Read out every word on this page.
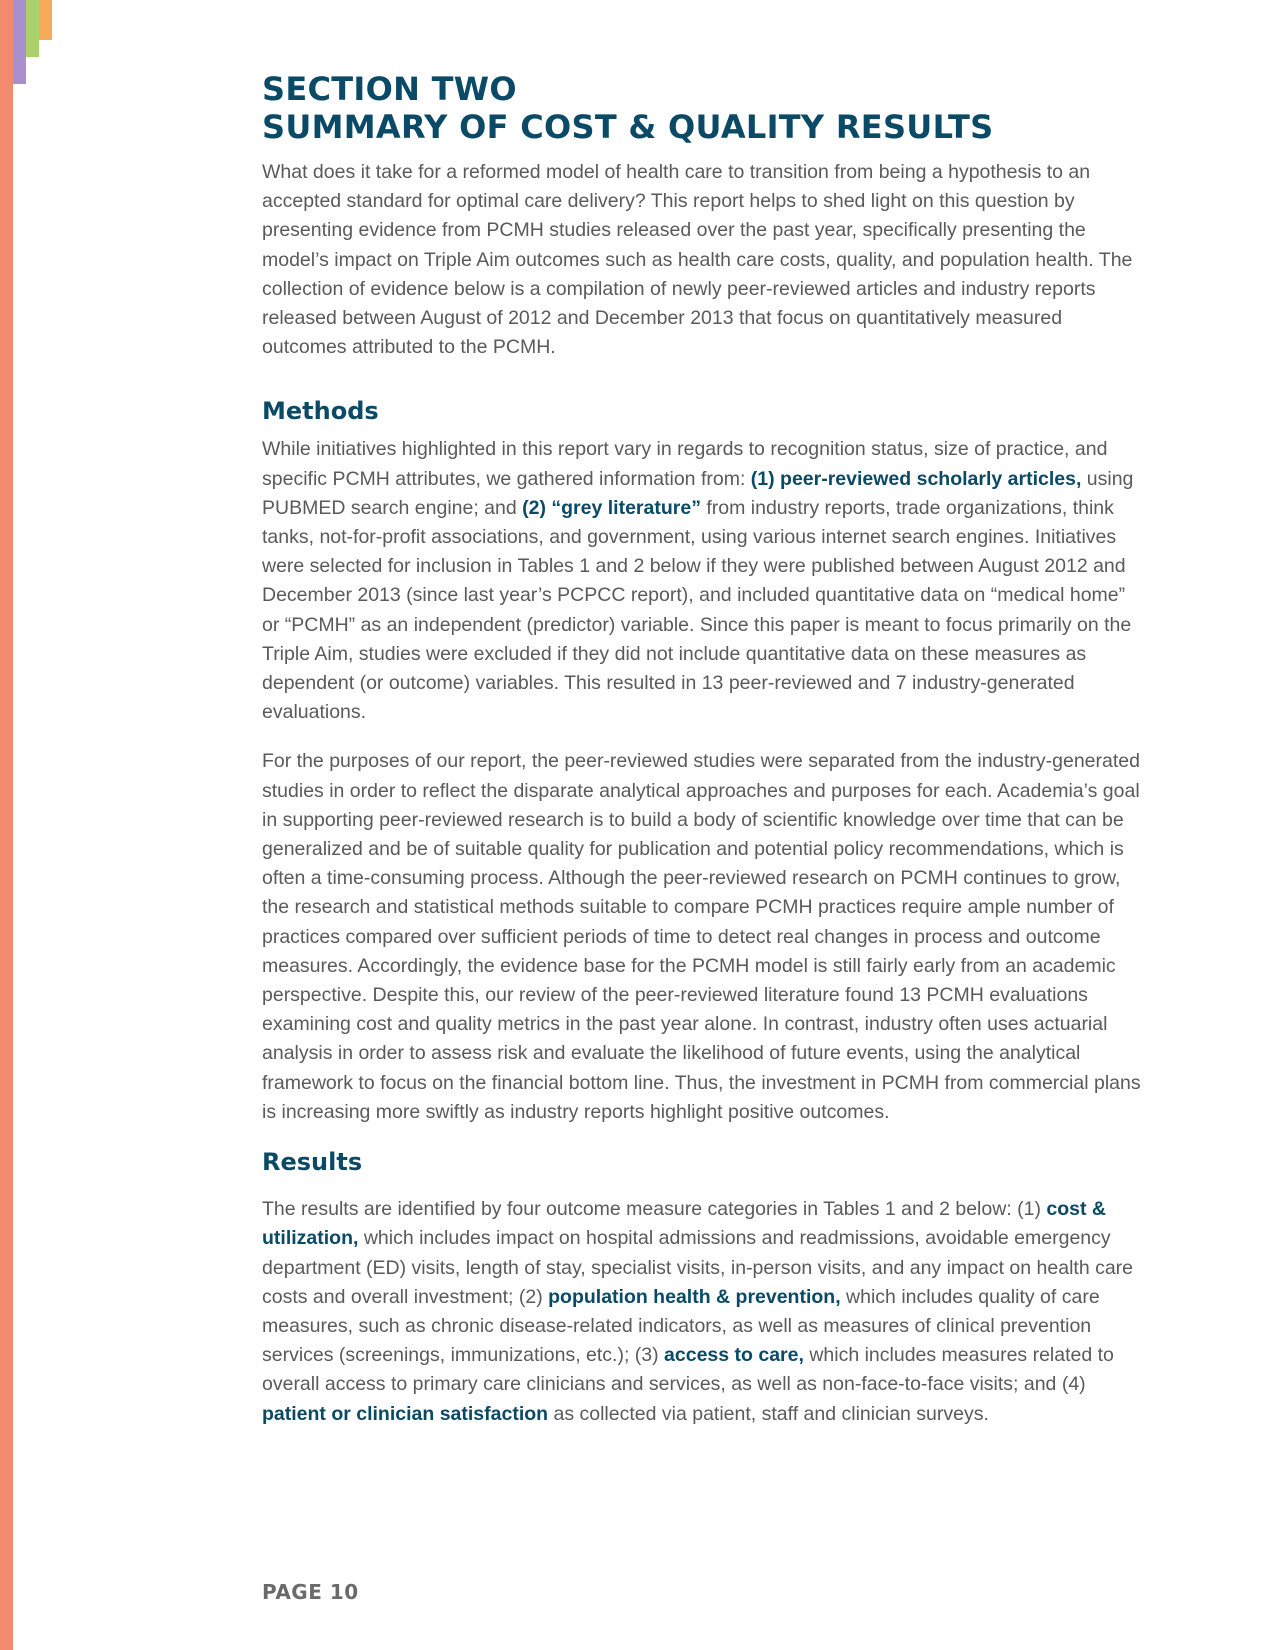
SECTION TWO
SUMMARY OF COST & QUALITY RESULTS

What does it take for a reformed model of health care to transition from being a hypothesis to an accepted standard for optimal care delivery? This report helps to shed light on this question by presenting evidence from PCMH studies released over the past year, specifically presenting the model’s impact on Triple Aim outcomes such as health care costs, quality, and population health. The collection of evidence below is a compilation of newly peer-reviewed articles and industry reports released between August of 2012 and December 2013 that focus on quantitatively measured outcomes attributed to the PCMH.

Methods

While initiatives highlighted in this report vary in regards to recognition status, size of practice, and specific PCMH attributes, we gathered information from: (1) peer-reviewed scholarly articles, using PUBMED search engine; and (2) “grey literature” from industry reports, trade organizations, think tanks, not-for-profit associations, and government, using various internet search engines. Initiatives were selected for inclusion in Tables 1 and 2 below if they were published between August 2012 and December 2013 (since last year’s PCPCC report), and included quantitative data on “medical home” or “PCMH” as an independent (predictor) variable. Since this paper is meant to focus primarily on the Triple Aim, studies were excluded if they did not include quantitative data on these measures as dependent (or outcome) variables. This resulted in 13 peer-reviewed and 7 industry-generated evaluations.

For the purposes of our report, the peer-reviewed studies were separated from the industry-generated studies in order to reflect the disparate analytical approaches and purposes for each. Academia’s goal in supporting peer-reviewed research is to build a body of scientific knowledge over time that can be generalized and be of suitable quality for publication and potential policy recommendations, which is often a time-consuming process. Although the peer-reviewed research on PCMH continues to grow, the research and statistical methods suitable to compare PCMH practices require ample number of practices compared over sufficient periods of time to detect real changes in process and outcome measures. Accordingly, the evidence base for the PCMH model is still fairly early from an academic perspective. Despite this, our review of the peer-reviewed literature found 13 PCMH evaluations examining cost and quality metrics in the past year alone. In contrast, industry often uses actuarial analysis in order to assess risk and evaluate the likelihood of future events, using the analytical framework to focus on the financial bottom line. Thus, the investment in PCMH from commercial plans is increasing more swiftly as industry reports highlight positive outcomes.

Results

The results are identified by four outcome measure categories in Tables 1 and 2 below: (1) cost & utilization, which includes impact on hospital admissions and readmissions, avoidable emergency department (ED) visits, length of stay, specialist visits, in-person visits, and any impact on health care costs and overall investment; (2) population health & prevention, which includes quality of care measures, such as chronic disease-related indicators, as well as measures of clinical prevention services (screenings, immunizations, etc.); (3) access to care, which includes measures related to overall access to primary care clinicians and services, as well as non-face-to-face visits; and (4) patient or clinician satisfaction as collected via patient, staff and clinician surveys.

PAGE 10
